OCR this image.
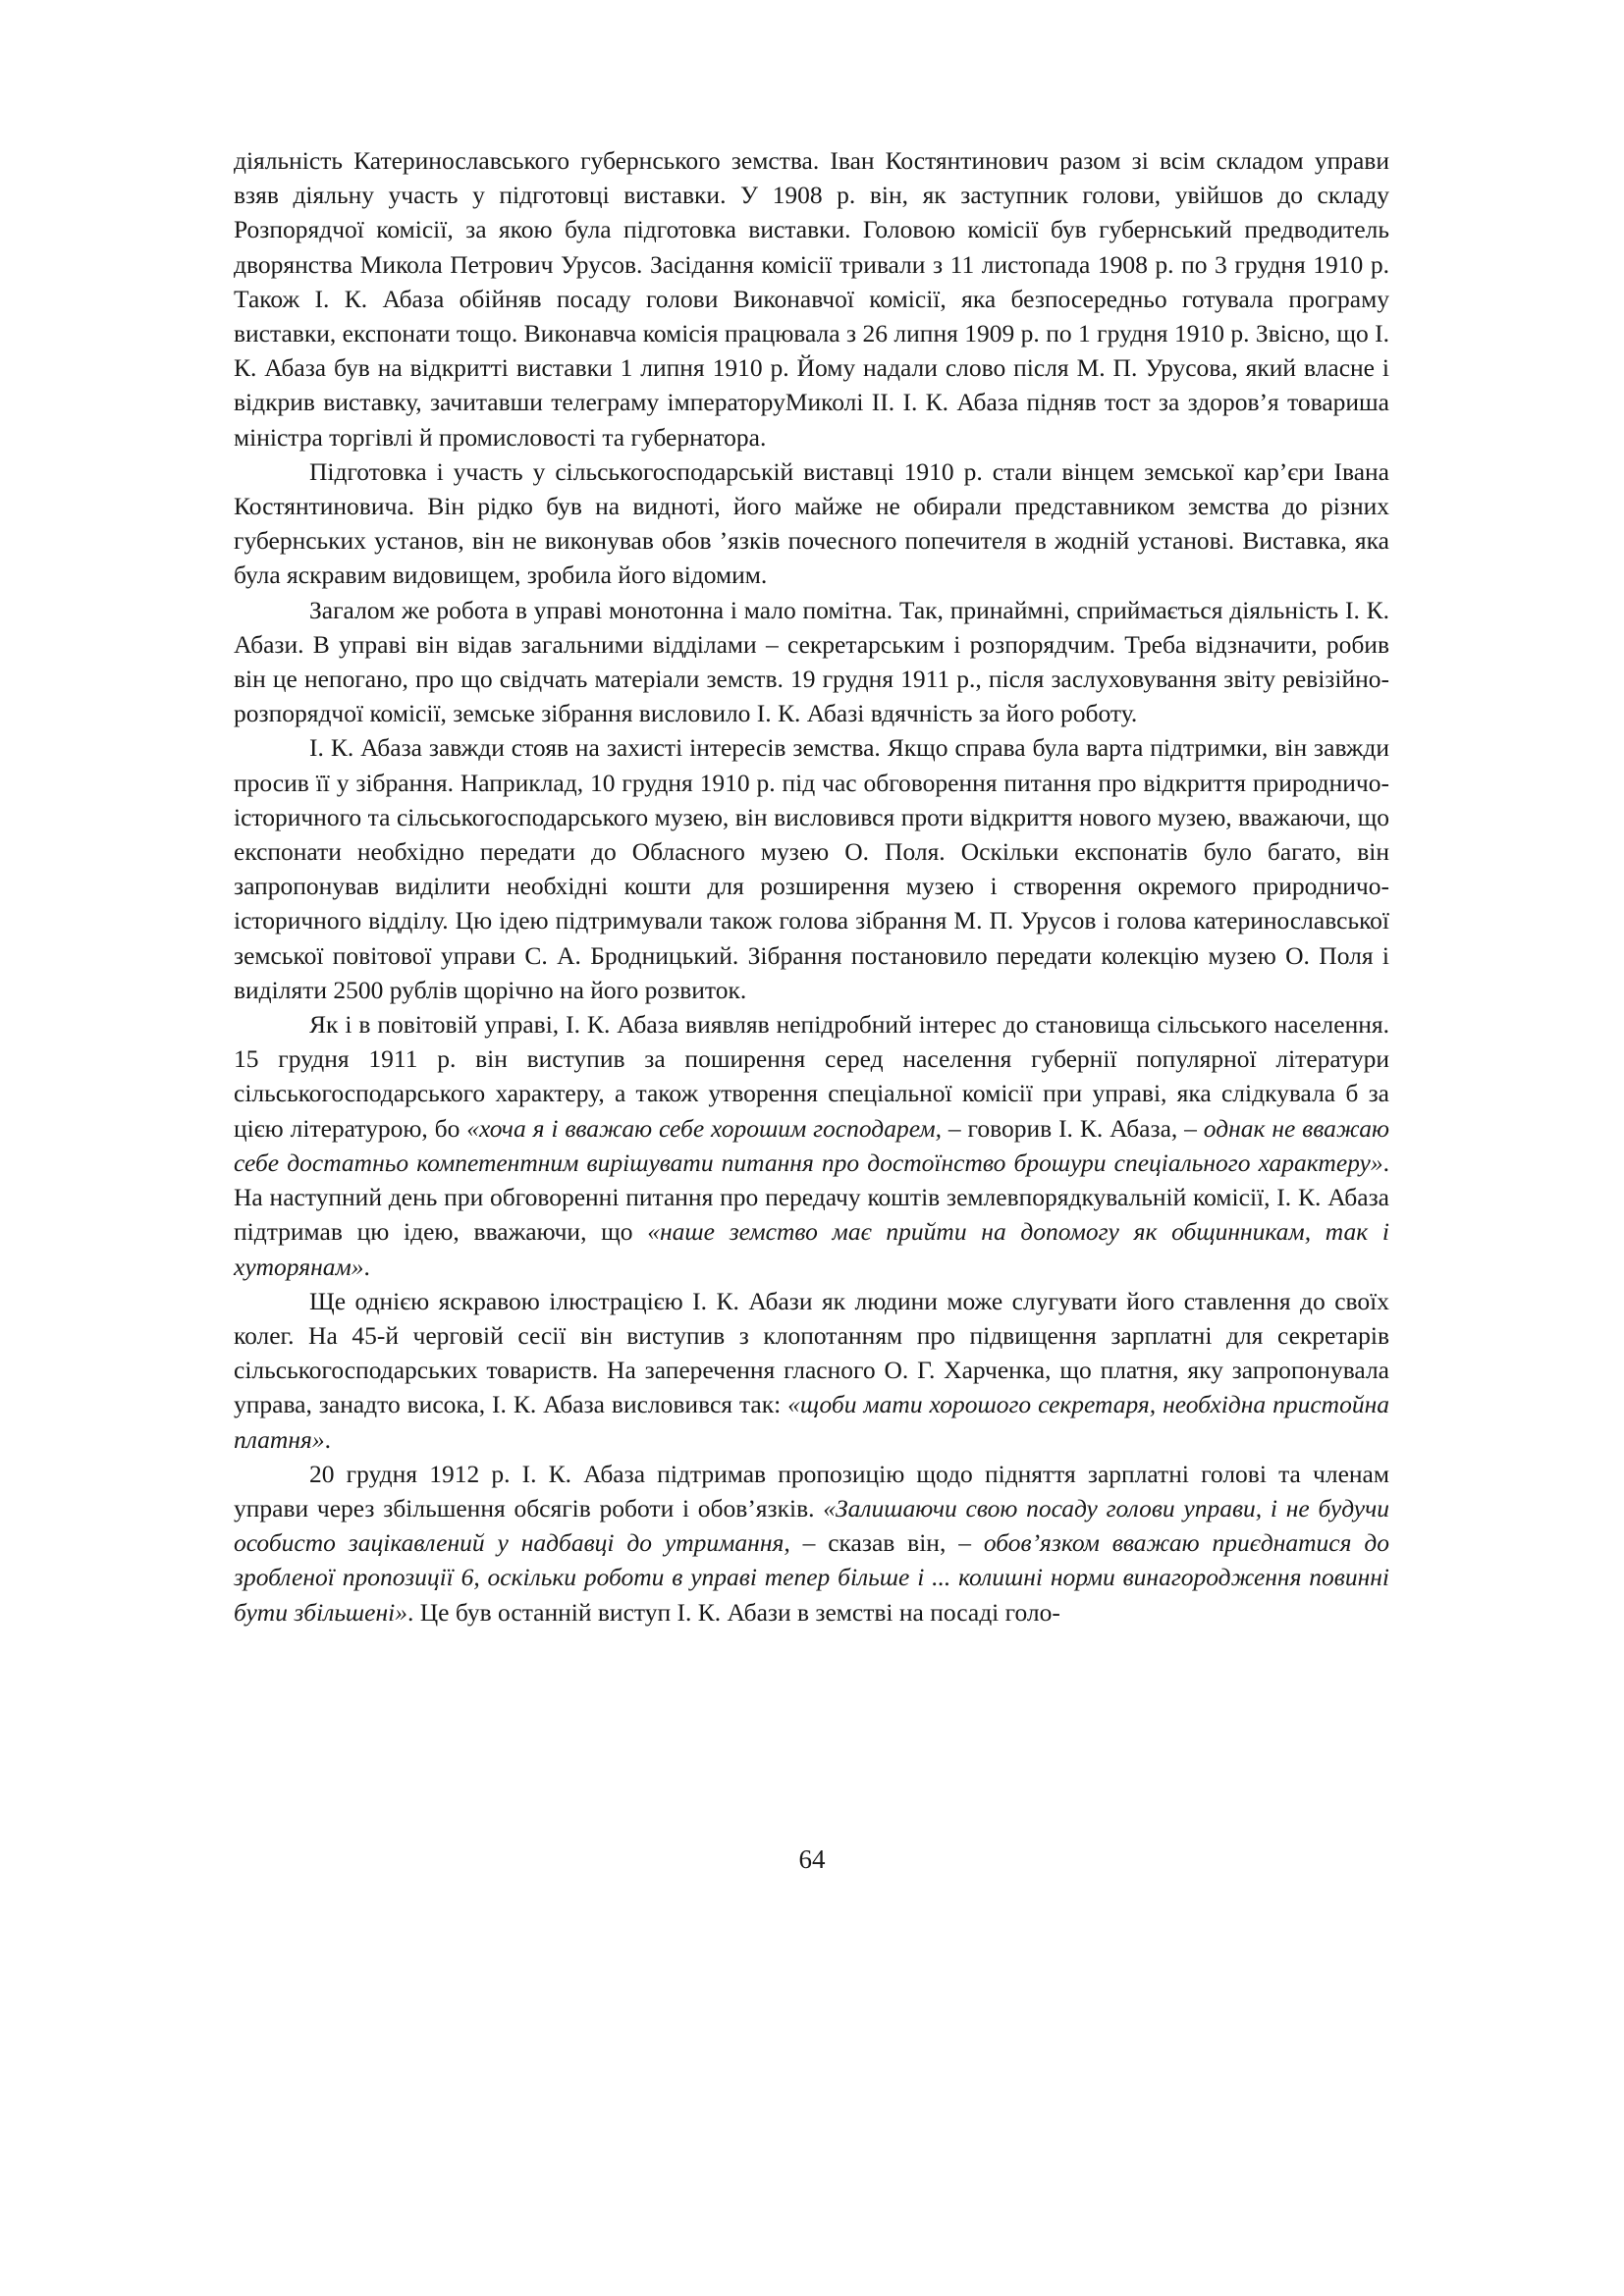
діяльність Катеринославського губернського земства. Іван Костянтинович разом зі всім складом управи взяв діяльну участь у підготовці виставки. У 1908 р. він, як заступник голови, увійшов до складу Розпорядчої комісії, за якою була підготовка виставки. Головою комісії був губернський предводитель дворянства Микола Петрович Урусов. Засідання комісії тривали з 11 листопада 1908 р. по 3 грудня 1910 р. Також І. К. Абаза обійняв посаду голови Виконавчої комісії, яка безпосередньо готувала програму виставки, експонати тощо. Виконавча комісія працювала з 26 липня 1909 р. по 1 грудня 1910 р. Звісно, що І. К. Абаза був на відкритті виставки 1 липня 1910 р. Йому надали слово після М. П. Урусова, який власне і відкрив виставку, зачитавши телеграму імператоруМиколі ІІ. І. К. Абаза підняв тост за здоров’я товариша міністра торгівлі й промисловості та губернатора.

Підготовка і участь у сільськогосподарській виставці 1910 р. стали вінцем земської кар’єри Івана Костянтиновича. Він рідко був на видноті, його майже не обирали представником земства до різних губернських установ, він не виконував обов ’язків почесного попечителя в жодній установі. Виставка, яка була яскравим видовищем, зробила його відомим.

Загалом же робота в управі монотонна і мало помітна. Так, принаймні, сприймається діяльність І. К. Абази. В управі він відав загальними відділами – секретарським і розпорядчим. Треба відзначити, робив він це непогано, про що свідчать матеріали земств. 19 грудня 1911 р., після заслуховування звіту ревізійно-розпорядчої комісії, земське зібрання висловило І. К. Абазі вдячність за його роботу.

І. К. Абаза завжди стояв на захисті інтересів земства. Якщо справа була варта підтримки, він завжди просив її у зібрання. Наприклад, 10 грудня 1910 р. під час обговорення питання про відкриття природничо-історичного та сільськогосподарського музею, він висловився проти відкриття нового музею, вважаючи, що експонати необхідно передати до Обласного музею О. Поля. Оскільки експонатів було багато, він запропонував виділити необхідні кошти для розширення музею і створення окремого природничо-історичного відділу. Цю ідею підтримували також голова зібрання М. П. Урусов і голова катеринославської земської повітової управи С. А. Бродницький. Зібрання постановило передати колекцію музею О. Поля і виділяти 2500 рублів щорічно на його розвиток.

Як і в повітовій управі, І. К. Абаза виявляв непідробний інтерес до становища сільського населення. 15 грудня 1911 р. він виступив за поширення серед населення губернії популярної літератури сільськогосподарського характеру, а також утворення спеціальної комісії при управі, яка слідкувала б за цією літературою, бо «хоча я і вважаю себе хорошим господарем, – говорив І. К. Абаза, – однак не вважаю себе достатньо компетентним вирішувати питання про достоїнство брошури спеціального характеру». На наступний день при обговоренні питання про передачу коштів землевпорядкувальній комісії, І. К. Абаза підтримав цю ідею, вважаючи, що «наше земство має прийти на допомогу як общинникам, так і хуторянам».

Ще однією яскравою ілюстрацією І. К. Абази як людини може слугувати його ставлення до своїх колег. На 45-й черговій сесії він виступив з клопотанням про підвищення зарплатні для секретарів сільськогосподарських товариств. На заперечення гласного О. Г. Харченка, що платня, яку запропонувала управа, занадто висока, І. К. Абаза висловився так: «щоби мати хорошого секретаря, необхідна пристойна платня».

20 грудня 1912 р. І. К. Абаза підтримав пропозицію щодо підняття зарплатні голові та членам управи через збільшення обсягів роботи і обов’язків. «Залишаючи свою посаду голови управи, і не будучи особисто зацікавлений у надбавці до утримання, – сказав він, – обов’язком вважаю приєднатися до зробленої пропозиції 6, оскільки роботи в управі тепер більше і ... колишні норми винагородження повинні бути збільшені». Це був останній виступ І. К. Абази в земстві на посаді голо-

64
